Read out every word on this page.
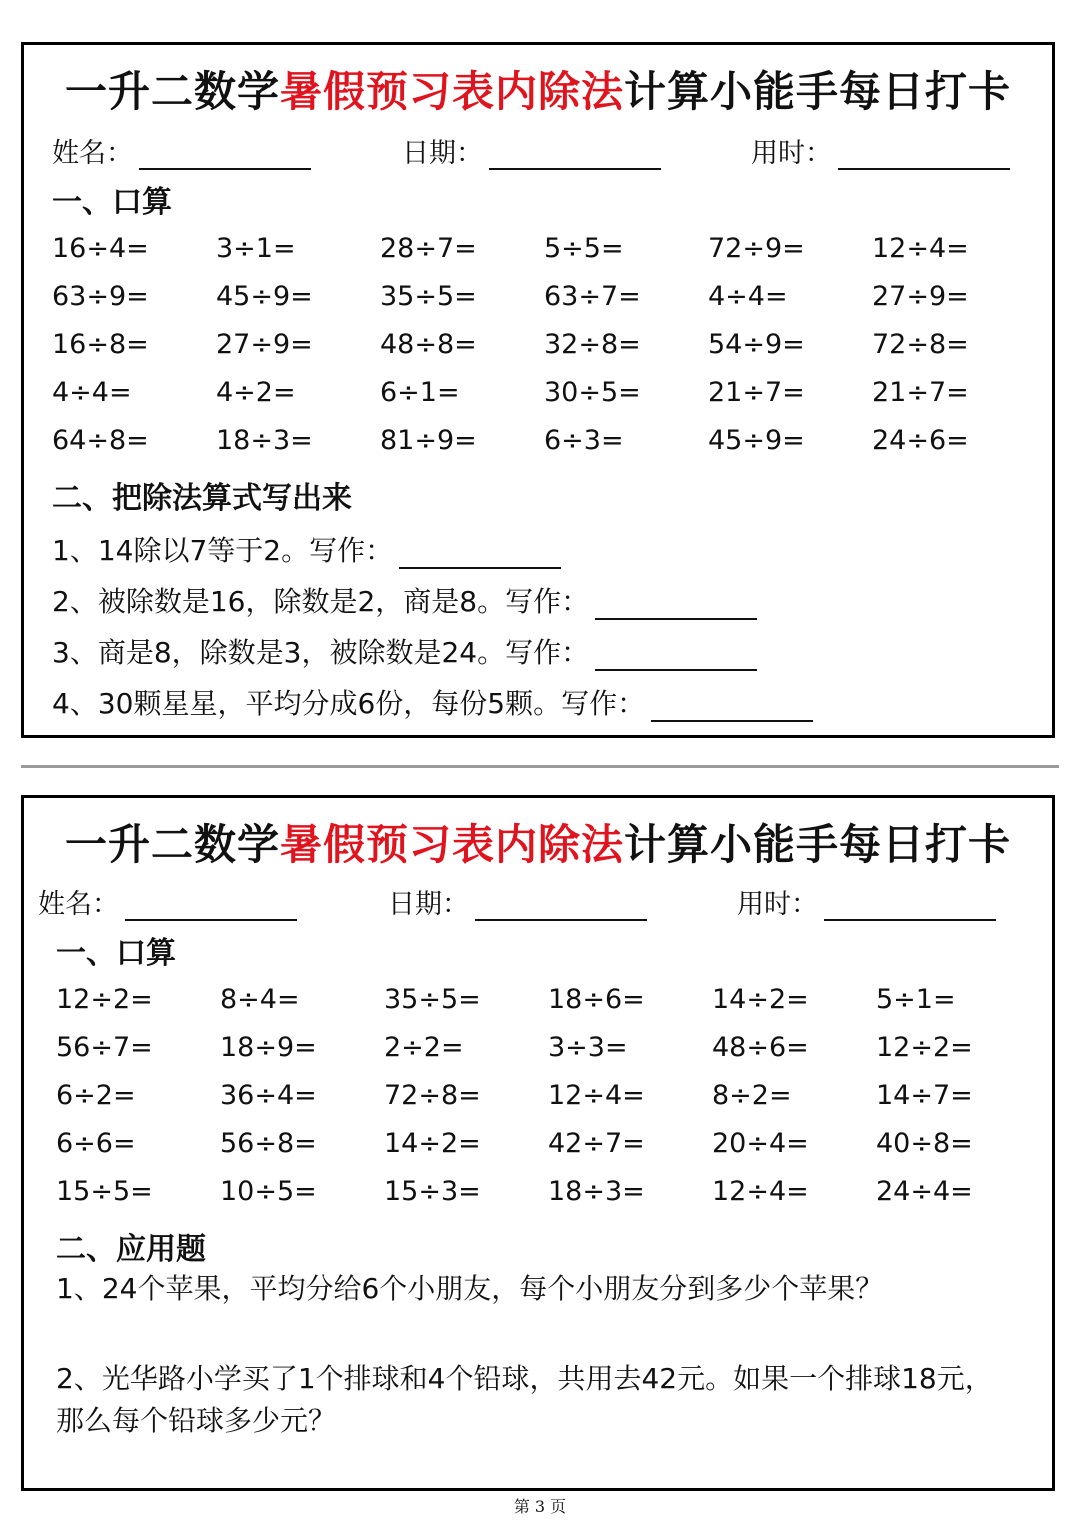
一升二数学暑假预习表内除法计算小能手每日打卡
姓名：	日期：	用时：
一、口算
16÷4=	3÷1=	28÷7=	5÷5=	72÷9=	12÷4=
63÷9=	45÷9=	35÷5=	63÷7=	4÷4=	27÷9=
16÷8=	27÷9=	48÷8=	32÷8=	54÷9=	72÷8=
4÷4=	4÷2=	6÷1=	30÷5=	21÷7=	21÷7=
64÷8=	18÷3=	81÷9=	6÷3=	45÷9=	24÷6=
二、把除法算式写出来
1、14除以7等于2。写作：
2、被除数是16，除数是2，商是8。写作：
3、商是8，除数是3，被除数是24。写作：
4、30颗星星，平均分成6份，每份5颗。写作：
一升二数学暑假预习表内除法计算小能手每日打卡
姓名：	日期：	用时：
一、口算
12÷2=	8÷4=	35÷5=	18÷6=	14÷2=	5÷1=
56÷7=	18÷9=	2÷2=	3÷3=	48÷6=	12÷2=
6÷2=	36÷4=	72÷8=	12÷4=	8÷2=	14÷7=
6÷6=	56÷8=	14÷2=	42÷7=	20÷4=	40÷8=
15÷5=	10÷5=	15÷3=	18÷3=	12÷4=	24÷4=
二、应用题
1、24个苹果，平均分给6个小朋友，每个小朋友分到多少个苹果？
2、光华路小学买了1个排球和4个铅球，共用去42元。如果一个排球18元，那么每个铅球多少元？
第 3 页
